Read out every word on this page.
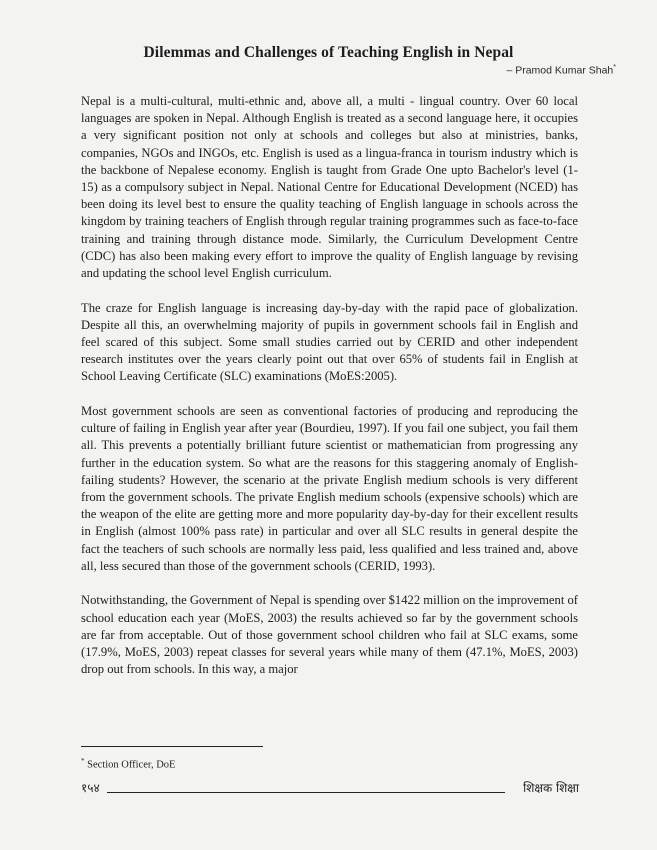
Dilemmas and Challenges of Teaching English in Nepal
– Pramod Kumar Shah*

Nepal is a multi-cultural, multi-ethnic and, above all, a multi - lingual country. Over 60 local languages are spoken in Nepal. Although English is treated as a second language here, it occupies a very significant position not only at schools and colleges but also at ministries, banks, companies, NGOs and INGOs, etc. English is used as a lingua-franca in tourism industry which is the backbone of Nepalese economy. English is taught from Grade One upto Bachelor's level (1- 15) as a compulsory subject in Nepal. National Centre for Educational Development (NCED) has been doing its level best to ensure the quality teaching of English language in schools across the kingdom by training teachers of English through regular training programmes such as face-to-face training and training through distance mode. Similarly, the Curriculum Development Centre (CDC) has also been making every effort to improve the quality of English language by revising and updating the school level English curriculum.

The craze for English language is increasing day-by-day with the rapid pace of globalization. Despite all this, an overwhelming majority of pupils in government schools fail in English and feel scared of this subject. Some small studies carried out by CERID and other independent research institutes over the years clearly point out that over 65% of students fail in English at School Leaving Certificate (SLC) examinations (MoES:2005).

Most government schools are seen as conventional factories of producing and reproducing the culture of failing in English year after year (Bourdieu, 1997). If you fail one subject, you fail them all. This prevents a potentially brilliant future scientist or mathematician from progressing any further in the education system. So what are the reasons for this staggering anomaly of English-failing students? However, the scenario at the private English medium schools is very different from the government schools. The private English medium schools (expensive schools) which are the weapon of the elite are getting more and more popularity day-by-day for their excellent results in English (almost 100% pass rate) in particular and over all SLC results in general despite the fact the teachers of such schools are normally less paid, less qualified and less trained and, above all, less secured than those of the government schools (CERID, 1993).

Notwithstanding, the Government of Nepal is spending over $1422 million on the improvement of school education each year (MoES, 2003) the results achieved so far by the government schools are far from acceptable. Out of those government school children who fail at SLC exams, some (17.9%, MoES, 2003) repeat classes for several years while many of them (47.1%, MoES, 2003) drop out from schools. In this way, a major

* Section Officer, DoE
१५४	शिक्षक शिक्षा
